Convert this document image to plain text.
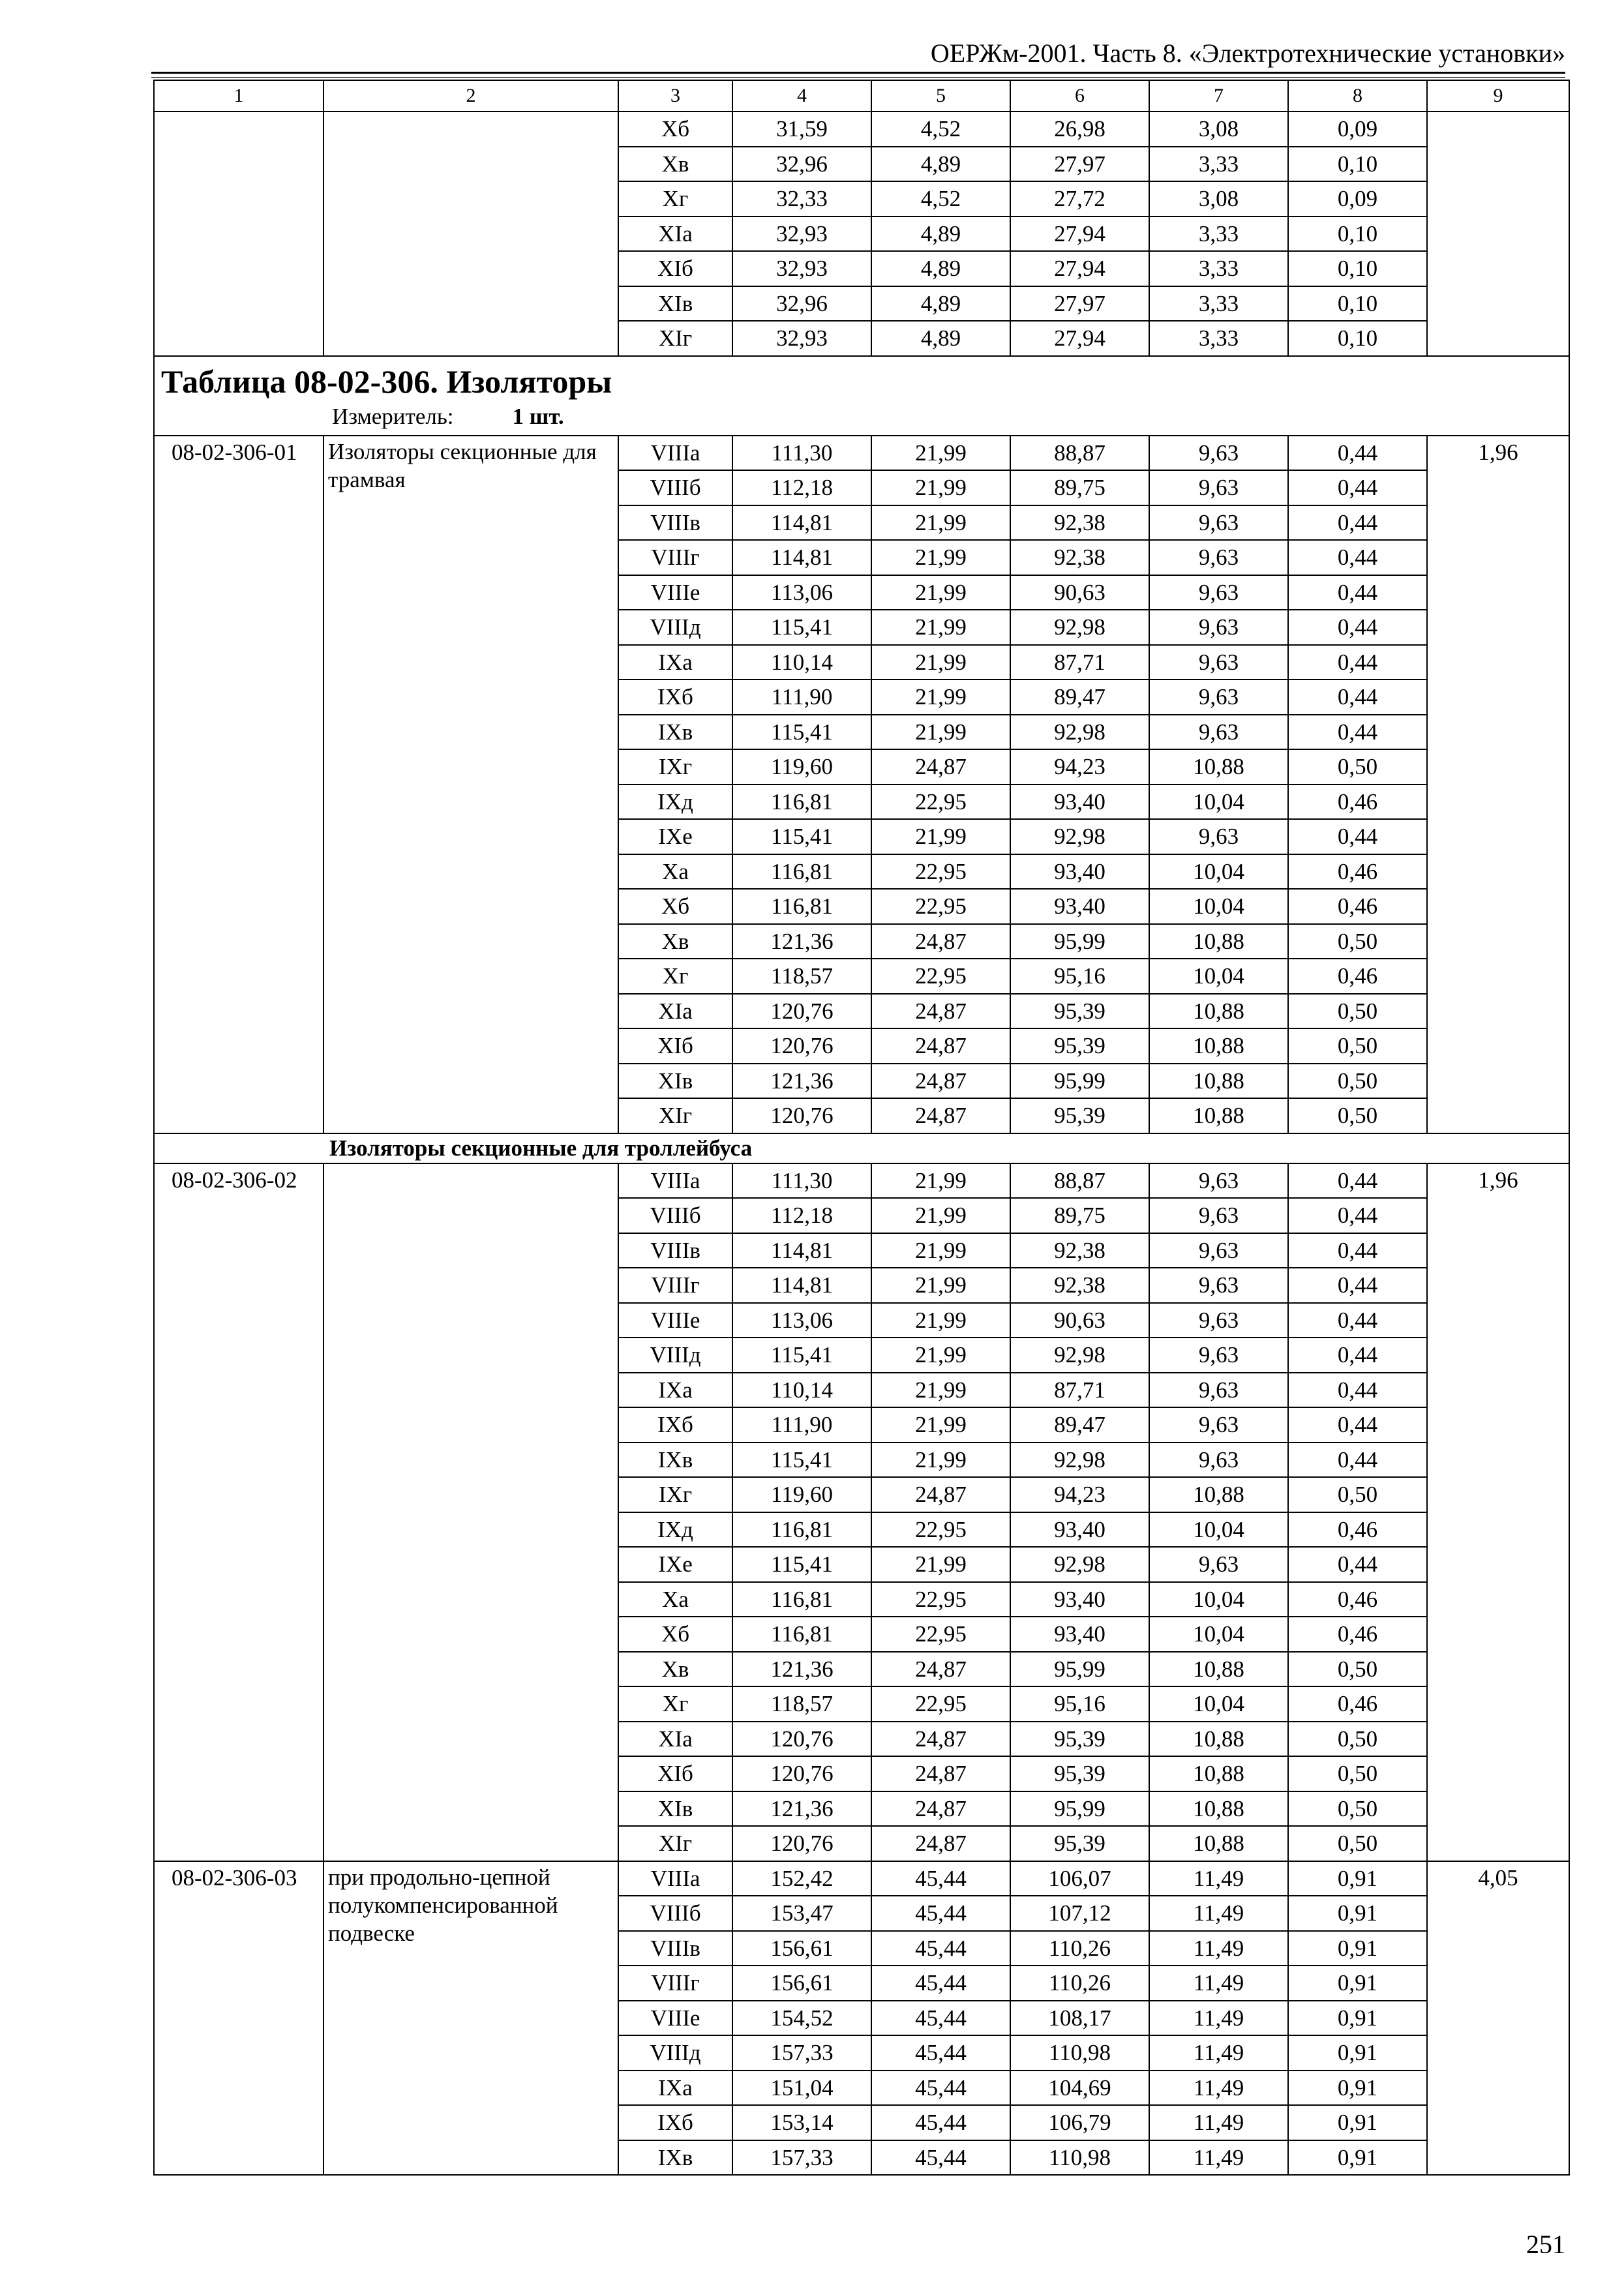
ОЕРЖм-2001. Часть 8. «Электротехнические установки»
1	2	3	4	5	6	7	8	9
		Хб	31,59	4,52	26,98	3,08	0,09	
		Хв	32,96	4,89	27,97	3,33	0,10	
		Хг	32,33	4,52	27,72	3,08	0,09	
		ХIа	32,93	4,89	27,94	3,33	0,10	
		ХIб	32,93	4,89	27,94	3,33	0,10	
		ХIв	32,96	4,89	27,97	3,33	0,10	
		ХIг	32,93	4,89	27,94	3,33	0,10	

Таблица 08-02-306. Изоляторы
Измеритель: 1 шт.								

08-02-306-01	Изоляторы секционные для трамвая	VIIIа	111,30	21,99	88,87	9,63	0,44	1,96
		VIIIб	112,18	21,99	89,75	9,63	0,44	
		VIIIв	114,81	21,99	92,38	9,63	0,44	
		VIIIг	114,81	21,99	92,38	9,63	0,44	
		VIIIе	113,06	21,99	90,63	9,63	0,44	
		VIIIд	115,41	21,99	92,98	9,63	0,44	
		IХа	110,14	21,99	87,71	9,63	0,44	
		IХб	111,90	21,99	89,47	9,63	0,44	
		IХв	115,41	21,99	92,98	9,63	0,44	
		IХг	119,60	24,87	94,23	10,88	0,50	
		IХд	116,81	22,95	93,40	10,04	0,46	
		IХе	115,41	21,99	92,98	9,63	0,44	
		Ха	116,81	22,95	93,40	10,04	0,46	
		Хб	116,81	22,95	93,40	10,04	0,46	
		Хв	121,36	24,87	95,99	10,88	0,50	
		Хг	118,57	22,95	95,16	10,04	0,46	
		ХIа	120,76	24,87	95,39	10,88	0,50	
		ХIб	120,76	24,87	95,39	10,88	0,50	
		ХIв	121,36	24,87	95,99	10,88	0,50	
		ХIг	120,76	24,87	95,39	10,88	0,50	
Изоляторы секционные для троллейбуса								
08-02-306-02		VIIIа	111,30	21,99	88,87	9,63	0,44	1,96
		VIIIб	112,18	21,99	89,75	9,63	0,44	
		VIIIв	114,81	21,99	92,38	9,63	0,44	
		VIIIг	114,81	21,99	92,38	9,63	0,44	
		VIIIе	113,06	21,99	90,63	9,63	0,44	
		VIIIд	115,41	21,99	92,98	9,63	0,44	
		IХа	110,14	21,99	87,71	9,63	0,44	
		IХб	111,90	21,99	89,47	9,63	0,44	
		IХв	115,41	21,99	92,98	9,63	0,44	
		IХг	119,60	24,87	94,23	10,88	0,50	
		IХд	116,81	22,95	93,40	10,04	0,46	
		IХе	115,41	21,99	92,98	9,63	0,44	
		Ха	116,81	22,95	93,40	10,04	0,46	
		Хб	116,81	22,95	93,40	10,04	0,46	
		Хв	121,36	24,87	95,99	10,88	0,50	
		Хг	118,57	22,95	95,16	10,04	0,46	
		ХIа	120,76	24,87	95,39	10,88	0,50	
		ХIб	120,76	24,87	95,39	10,88	0,50	
		ХIв	121,36	24,87	95,99	10,88	0,50	
		ХIг	120,76	24,87	95,39	10,88	0,50	
08-02-306-03	при продольно-цепной полукомпенсированной подвеске	VIIIа	152,42	45,44	106,07	11,49	0,91	4,05
		VIIIб	153,47	45,44	107,12	11,49	0,91	
		VIIIв	156,61	45,44	110,26	11,49	0,91	
		VIIIг	156,61	45,44	110,26	11,49	0,91	
		VIIIе	154,52	45,44	108,17	11,49	0,91	
		VIIIд	157,33	45,44	110,98	11,49	0,91	
		IХа	151,04	45,44	104,69	11,49	0,91	
		IХб	153,14	45,44	106,79	11,49	0,91	
		IХв	157,33	45,44	110,98	11,49	0,91	
251
